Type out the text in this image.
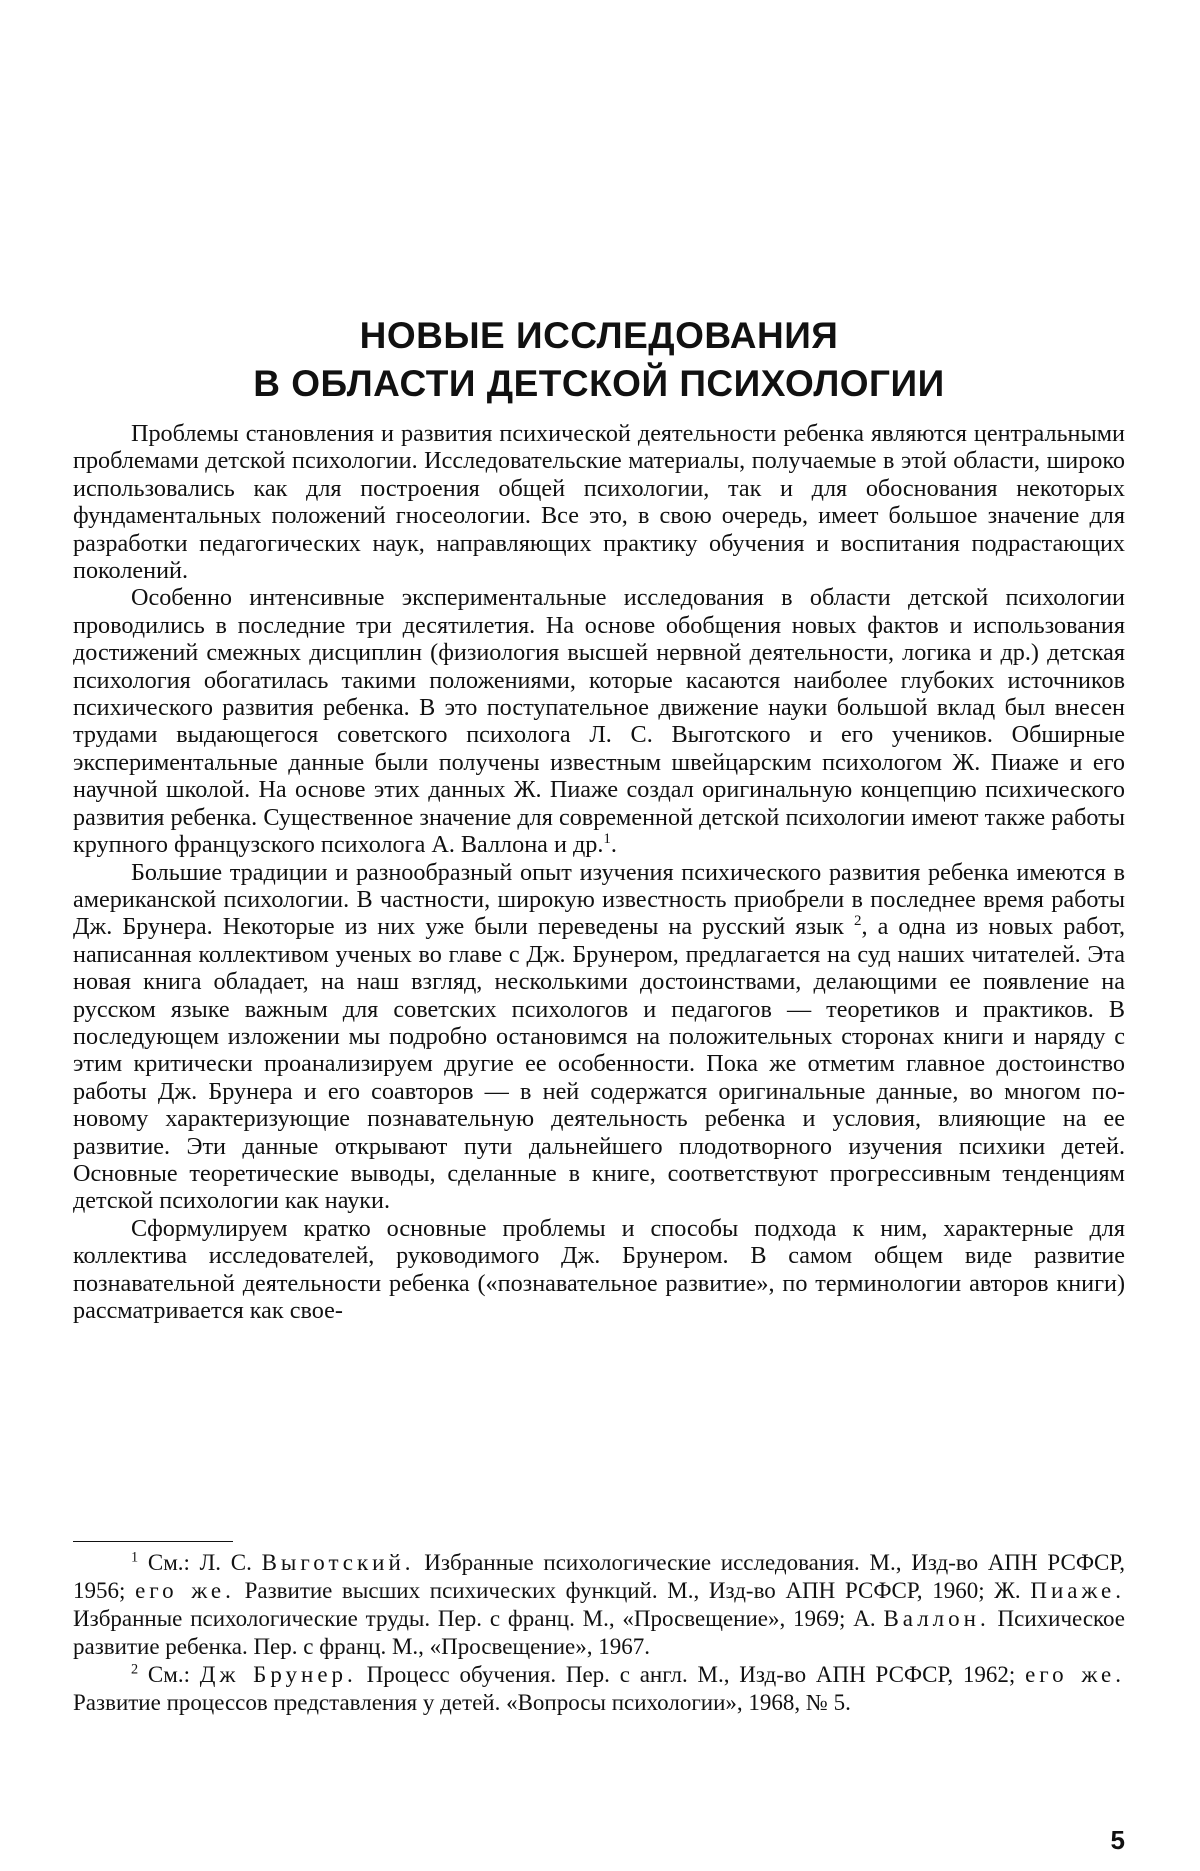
НОВЫЕ ИССЛЕДОВАНИЯ
В ОБЛАСТИ ДЕТСКОЙ ПСИХОЛОГИИ

Проблемы становления и развития психической деятельности ребенка являются центральными проблемами детской психологии. Исследовательские материалы, получаемые в этой области, широко использовались как для построения общей психологии, так и для обоснования некоторых фундаментальных положений гносеологии. Все это, в свою очередь, имеет большое значение для разработки педагогических наук, направляющих практику обучения и воспитания подрастающих поколений.

Особенно интенсивные экспериментальные исследования в области детской психологии проводились в последние три десятилетия. На основе обобщения новых фактов и использования достижений смежных дисциплин (физиология высшей нервной деятельности, логика и др.) детская психология обогатилась такими положениями, которые касаются наиболее глубоких источников психического развития ребенка. В это поступательное движение науки большой вклад был внесен трудами выдающегося советского психолога Л. С. Выготского и его учеников. Обширные экспериментальные данные были получены известным швейцарским психологом Ж. Пиаже и его научной школой. На основе этих данных Ж. Пиаже создал оригинальную концепцию психического развития ребенка. Существенное значение для современной детской психологии имеют также работы крупного французского психолога А. Валлона и др.$^1$.

Большие традиции и разнообразный опыт изучения психического развития ребенка имеются в американской психологии. В частности, широкую известность приобрели в последнее время работы Дж. Брунера. Некоторые из них уже были переведены на русский язык $^2$, а одна из новых работ, написанная коллективом ученых во главе с Дж. Брунером, предлагается на суд наших читателей. Эта новая книга обладает, на наш взгляд, несколькими достоинствами, делающими ее появление на русском языке важным для советских психологов и педагогов — теоретиков и практиков. В последующем изложении мы подробно остановимся на положительных сторонах книги и наряду с этим критически проанализируем другие ее особенности. Пока же отметим главное достоинство работы Дж. Брунера и его соавторов — в ней содержатся оригинальные данные, во многом по-новому характеризующие познавательную деятельность ребенка и условия, влияющие на ее развитие. Эти данные открывают пути дальнейшего плодотворного изучения психики детей. Основные теоретические выводы, сделанные в книге, соответствуют прогрессивным тенденциям детской психологии как науки.

Сформулируем кратко основные проблемы и способы подхода к ним, характерные для коллектива исследователей, руководимого Дж. Брунером. В самом общем виде развитие познавательной деятельности ребенка («познавательное развитие», по терминологии авторов книги) рассматривается как свое-

$^1$ См.: Л. С. Выготский. Избранные психологические исследования. М., Изд-во АПН РСФСР, 1956; его же. Развитие высших психических функций. М., Изд-во АПН РСФСР, 1960; Ж. Пиаже. Избранные психологические труды. Пер. с франц. М., «Просвещение», 1969; А. Валлон. Психическое развитие ребенка. Пер. с франц. М., «Просвещение», 1967.

$^2$ См.: Дж Брунер. Процесс обучения. Пер. с англ. М., Изд-во АПН РСФСР, 1962; его же. Развитие процессов представления у детей. «Вопросы психологии», 1968, № 5.

5
